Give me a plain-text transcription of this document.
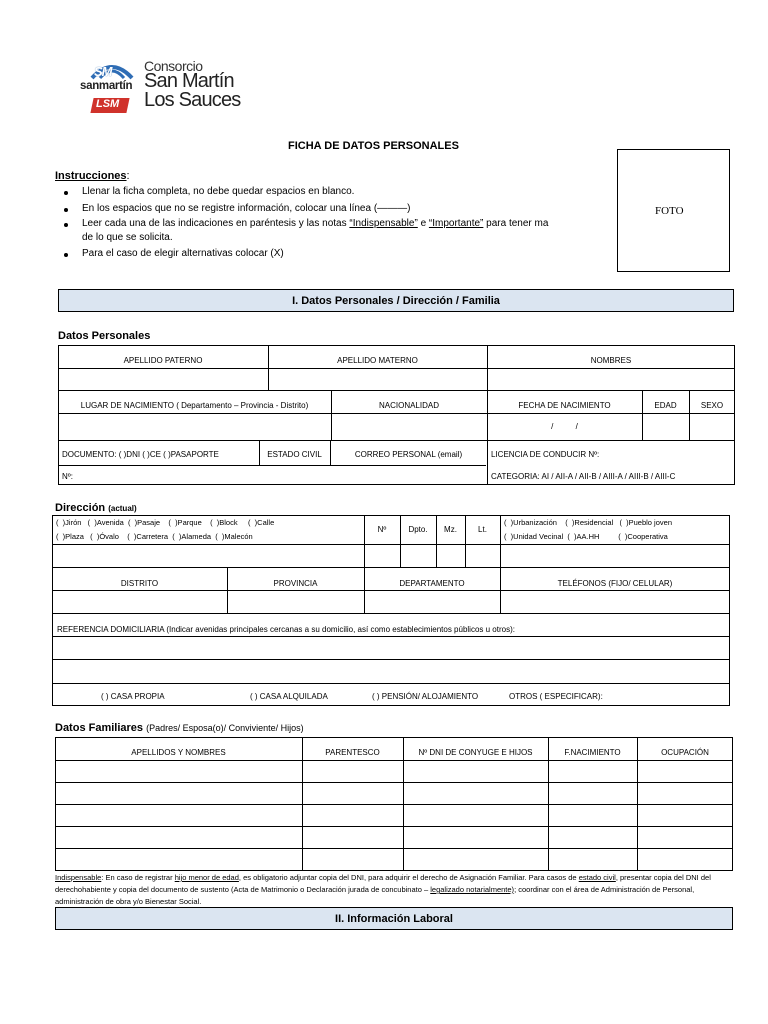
SM
sanmartín
LSM
Consorcio
San Martín
Los Sauces
FICHA DE DATOS PERSONALES
FOTO
Instrucciones:
Llenar la ficha completa, no debe quedar espacios en blanco.
En los espacios que no se registre información, colocar una línea (———)
Leer cada una de las indicaciones en paréntesis y las notas “Indispensable” e “Importante” para tener ma
de lo que se solicita.
Para el caso de elegir alternativas colocar (X)
I. Datos Personales / Dirección / Familia
Datos Personales
APELLIDO PATERNO	APELLIDO MATERNO	NOMBRES
LUGAR DE NACIMIENTO ( Departamento – Provincia - Distrito)	NACIONALIDAD	FECHA DE NACIMIENTO	EDAD	SEXO
/          /
DOCUMENTO: ( )DNI ( )CE ( )PASAPORTE	ESTADO CIVIL	CORREO PERSONAL (email)	LICENCIA DE CONDUCIR Nº:
Nº:	CATEGORIA: AI / AII-A / AII-B / AIII-A / AIII-B / AIII-C
Dirección (actual)
(  )Jirón   (  )Avenida  (  )Pasaje    (  )Parque    (  )Block     (  )Calle
(  )Plaza   (  )Óvalo    (  )Carretera  (  )Alameda  (  )Malecón
Nº	Dpto.	Mz.	Lt.
(  )Urbanización    (  )Residencial   (  )Pueblo joven
(  )Unidad Vecinal  (  )AA.HH         (  )Cooperativa
DISTRITO	PROVINCIA	DEPARTAMENTO	TELÉFONOS (FIJO/ CELULAR)
REFERENCIA DOMICILIARIA (Indicar avenidas principales cercanas a su domicilio, así como establecimientos públicos u otros):
( ) CASA PROPIA	( ) CASA ALQUILADA	( ) PENSIÓN/ ALOJAMIENTO	OTROS ( ESPECIFICAR):
Datos Familiares (Padres/ Esposa(o)/ Conviviente/ Hijos)
APELLIDOS Y NOMBRES	PARENTESCO	Nº DNI DE CONYUGE E HIJOS	F.NACIMIENTO	OCUPACIÓN
Indispensable: En caso de registrar hijo menor de edad, es obligatorio adjuntar copia del DNI, para adquirir el derecho de Asignación Familiar. Para casos de estado civil, presentar copia del DNI del derechohabiente y copia del documento de sustento (Acta de Matrimonio o Declaración jurada de concubinato – legalizado notarialmente); coordinar con el área de Administración de Personal, administración de obra y/o Bienestar Social.
II. Información Laboral
